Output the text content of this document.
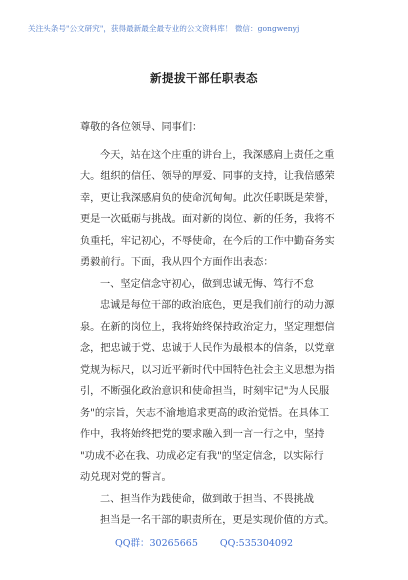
关注头条号"公文研究"，获得最新最全最专业的公文资料库！ 微信：gongwenyj
新提拔干部任职表态
尊敬的各位领导、同事们：
今天，站在这个庄重的讲台上，我深感肩上责任之重
大。组织的信任、领导的厚爱、同事的支持，让我倍感荣
幸，更让我深感肩负的使命沉甸甸。此次任职既是荣誉，
更是一次砥砺与挑战。面对新的岗位、新的任务，我将不
负重托，牢记初心，不辱使命，在今后的工作中勤奋务实
勇毅前行。下面，我从四个方面作出表态：
一、坚定信念守初心，做到忠诚无悔、笃行不怠
忠诚是每位干部的政治底色，更是我们前行的动力源
泉。在新的岗位上，我将始终保持政治定力，坚定理想信
念，把忠诚于党、忠诚于人民作为最根本的信条，以党章
党规为标尺，以习近平新时代中国特色社会主义思想为指
引，不断强化政治意识和使命担当，时刻牢记"为人民服
务"的宗旨，矢志不渝地追求更高的政治觉悟。在具体工
作中，我将始终把党的要求融入到一言一行之中，坚持
"功成不必在我、功成必定有我"的坚定信念，以实际行
动兑现对党的誓言。
二、担当作为践使命，做到敢于担当、不畏挑战
担当是一名干部的职责所在，更是实现价值的方式。
QQ群：30265665 QQ:535304092
